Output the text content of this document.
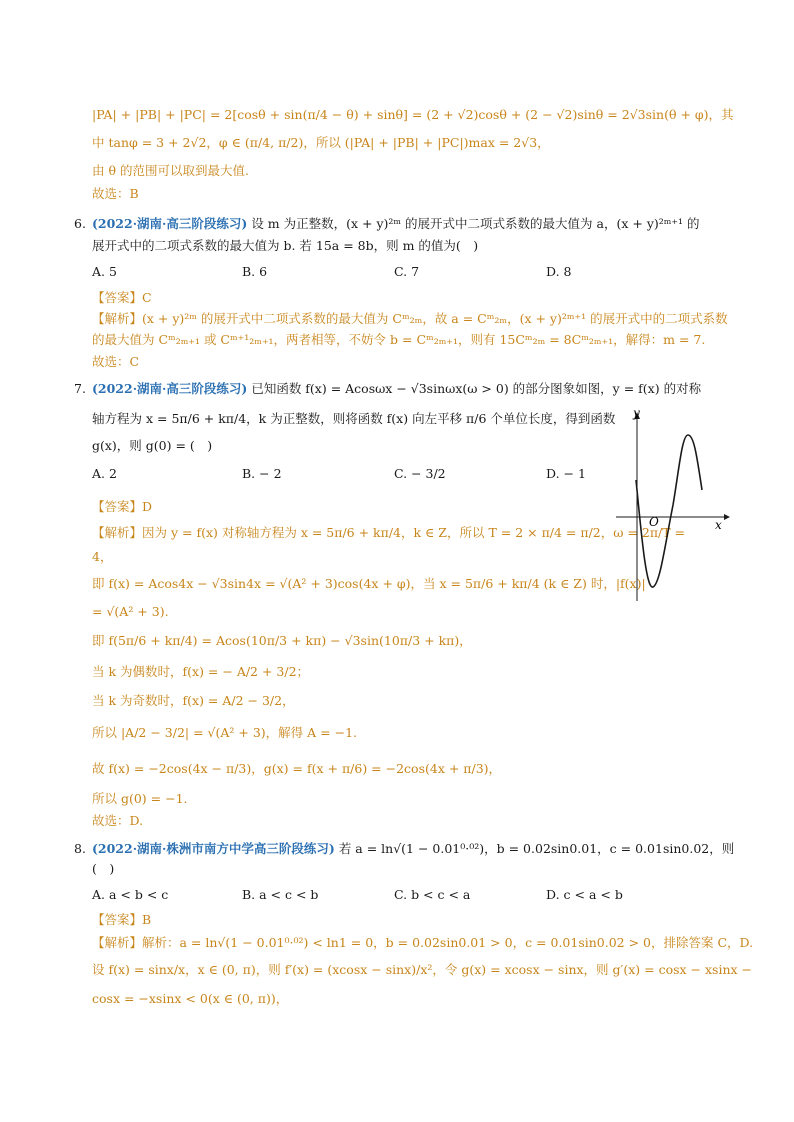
|PA| + |PB| + |PC| = 2[cosθ + sin(π/4 − θ) + sinθ] = (2 + √2)cosθ + (2 − √2)sinθ = 2√3sin(θ + φ)，其
中 tanφ = 3 + 2√2，φ ∈ (π/4, π/2)，所以 (|PA| + |PB| + |PC|)max = 2√3，
由 θ 的范围可以取到最大值.
故选：B
6. (2022·湖南·高三阶段练习) 设 m 为正整数，(x + y)²ᵐ 的展开式中二项式系数的最大值为 a，(x + y)²ᵐ⁺¹ 的
展开式中的二项式系数的最大值为 b. 若 15a = 8b，则 m 的值为(　)
A. 5	B. 6	C. 7	D. 8
【答案】C
【解析】(x + y)²ᵐ 的展开式中二项式系数的最大值为 Cᵐ₂ₘ，故 a = Cᵐ₂ₘ，(x + y)²ᵐ⁺¹ 的展开式中的二项式系数
的最大值为 Cᵐ₂ₘ₊₁ 或 Cᵐ⁺¹₂ₘ₊₁，两者相等，不妨令 b = Cᵐ₂ₘ₊₁，则有 15Cᵐ₂ₘ = 8Cᵐ₂ₘ₊₁，解得：m = 7.
故选：C
7. (2022·湖南·高三阶段练习) 已知函数 f(x) = Acosωx − √3sinωx(ω > 0) 的部分图象如图，y = f(x) 的对称
轴方程为 x = 5π/6 + kπ/4，k 为正整数，则将函数 f(x) 向左平移 π/6 个单位长度，得到函数
g(x)，则 g(0) = (　)
A. 2	B. − 2	C. − 3/2	D. − 1
【答案】D
【解析】因为 y = f(x) 对称轴方程为 x = 5π/6 + kπ/4，k ∈ Z，所以 T = 2 × π/4 = π/2，ω = 2π/T =
4，
即 f(x) = Acos4x − √3sin4x = √(A² + 3)cos(4x + φ)，当 x = 5π/6 + kπ/4 (k ∈ Z) 时，|f(x)|
= √(A² + 3).
即 f(5π/6 + kπ/4) = Acos(10π/3 + kπ) − √3sin(10π/3 + kπ)，
当 k 为偶数时，f(x) = − A/2 + 3/2；
当 k 为奇数时，f(x) = A/2 − 3/2，
所以 |A/2 − 3/2| = √(A² + 3)，解得 A = −1.
故 f(x) = −2cos(4x − π/3)，g(x) = f(x + π/6) = −2cos(4x + π/3)，
所以 g(0) = −1.
故选：D.
y
x
O
8. (2022·湖南·株洲市南方中学高三阶段练习) 若 a = ln√(1 − 0.01⁰·⁰²)，b = 0.02sin0.01，c = 0.01sin0.02，则
(　)
A. a < b < c	B. a < c < b	C. b < c < a	D. c < a < b
【答案】B
【解析】解析：a = ln√(1 − 0.01⁰·⁰²) < ln1 = 0，b = 0.02sin0.01 > 0，c = 0.01sin0.02 > 0，排除答案 C，D.
设 f(x) = sinx/x，x ∈ (0, π)，则 f′(x) = (xcosx − sinx)/x²，令 g(x) = xcosx − sinx，则 g′(x) = cosx − xsinx −
cosx = −xsinx < 0(x ∈ (0, π))，
